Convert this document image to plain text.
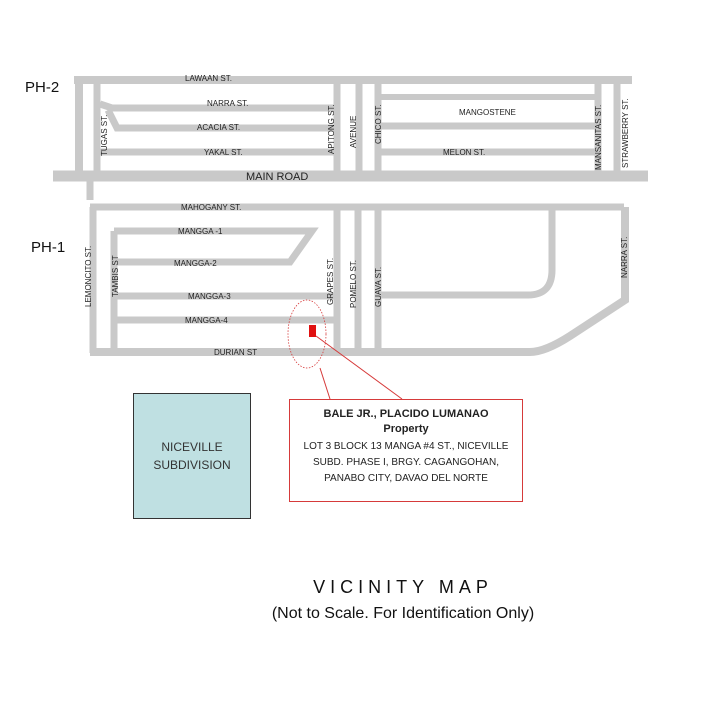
PH-2
PH-1
MAIN ROAD
LAWAAN ST.
NARRA ST.
ACACIA ST.
YAKAL ST.
MANGOSTENE
MELON ST.
MAHOGANY ST.
MANGGA -1
MANGGA-2
MANGGA-3
MANGGA-4
DURIAN ST
TUGAS ST.	APITONG ST. AVENUE CHICO ST.	MANSANITAS ST. STRAWBERRY ST.
LEMONCITO ST. TAMBIS ST	GRAPES ST. POMELO ST. GUAVA ST.
NARRA ST.
NICEVILLE
SUBDIVISION
BALE JR., PLACIDO LUMANAO
Property
LOT 3 BLOCK 13 MANGA #4 ST., NICEVILLE
SUBD. PHASE I, BRGY. CAGANGOHAN,
PANABO CITY, DAVAO DEL NORTE
VICINITY MAP
(Not to Scale. For Identification Only)
